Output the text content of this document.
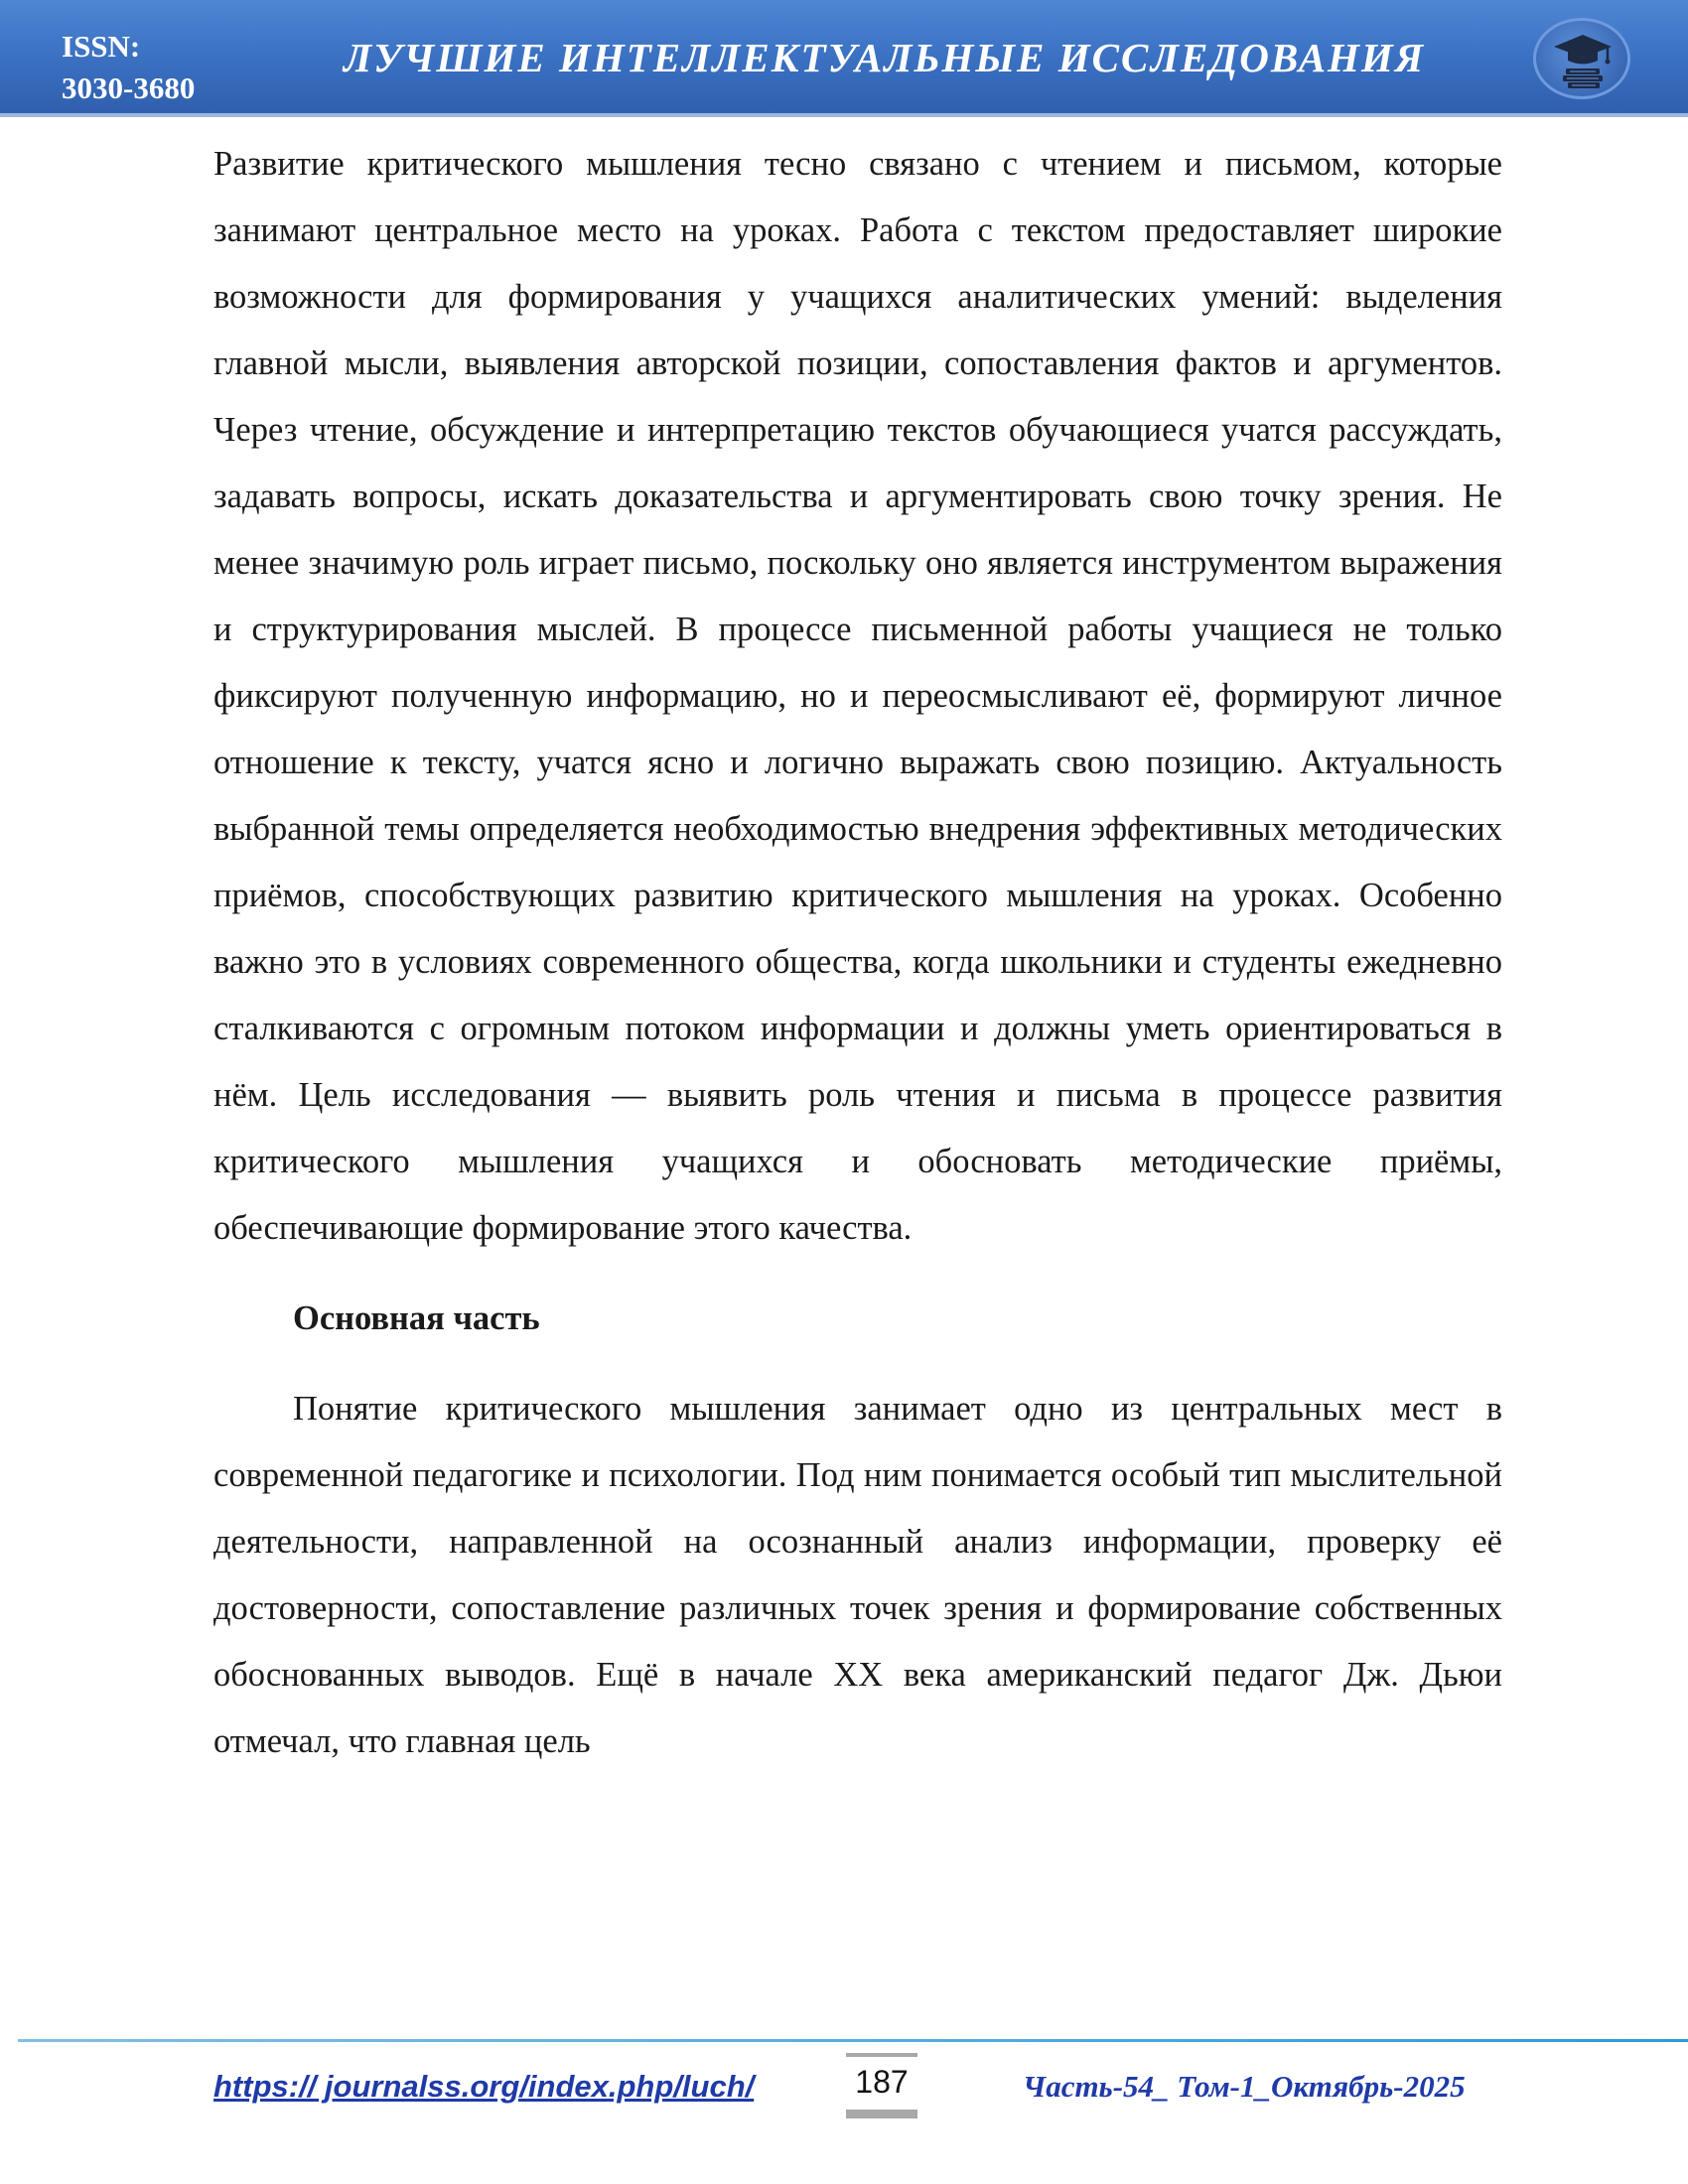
ISSN:
3030-3680
ЛУЧШИЕ ИНТЕЛЛЕКТУАЛЬНЫЕ ИССЛЕДОВАНИЯ

Развитие критического мышления тесно связано с чтением и письмом, которые занимают центральное место на уроках. Работа с текстом предоставляет широкие возможности для формирования у учащихся аналитических умений: выделения главной мысли, выявления авторской позиции, сопоставления фактов и аргументов. Через чтение, обсуждение и интерпретацию текстов обучающиеся учатся рассуждать, задавать вопросы, искать доказательства и аргументировать свою точку зрения. Не менее значимую роль играет письмо, поскольку оно является инструментом выражения и структурирования мыслей. В процессе письменной работы учащиеся не только фиксируют полученную информацию, но и переосмысливают её, формируют личное отношение к тексту, учатся ясно и логично выражать свою позицию. Актуальность выбранной темы определяется необходимостью внедрения эффективных методических приёмов, способствующих развитию критического мышления на уроках. Особенно важно это в условиях современного общества, когда школьники и студенты ежедневно сталкиваются с огромным потоком информации и должны уметь ориентироваться в нём. Цель исследования — выявить роль чтения и письма в процессе развития критического мышления учащихся и обосновать методические приёмы, обеспечивающие формирование этого качества.

Основная часть

Понятие критического мышления занимает одно из центральных мест в современной педагогике и психологии. Под ним понимается особый тип мыслительной деятельности, направленной на осознанный анализ информации, проверку её достоверности, сопоставление различных точек зрения и формирование собственных обоснованных выводов. Ещё в начале XX века американский педагог Дж. Дьюи отмечал, что главная цель

https:// journalss.org/index.php/luch/	187	Часть-54_ Том-1_Октябрь-2025
